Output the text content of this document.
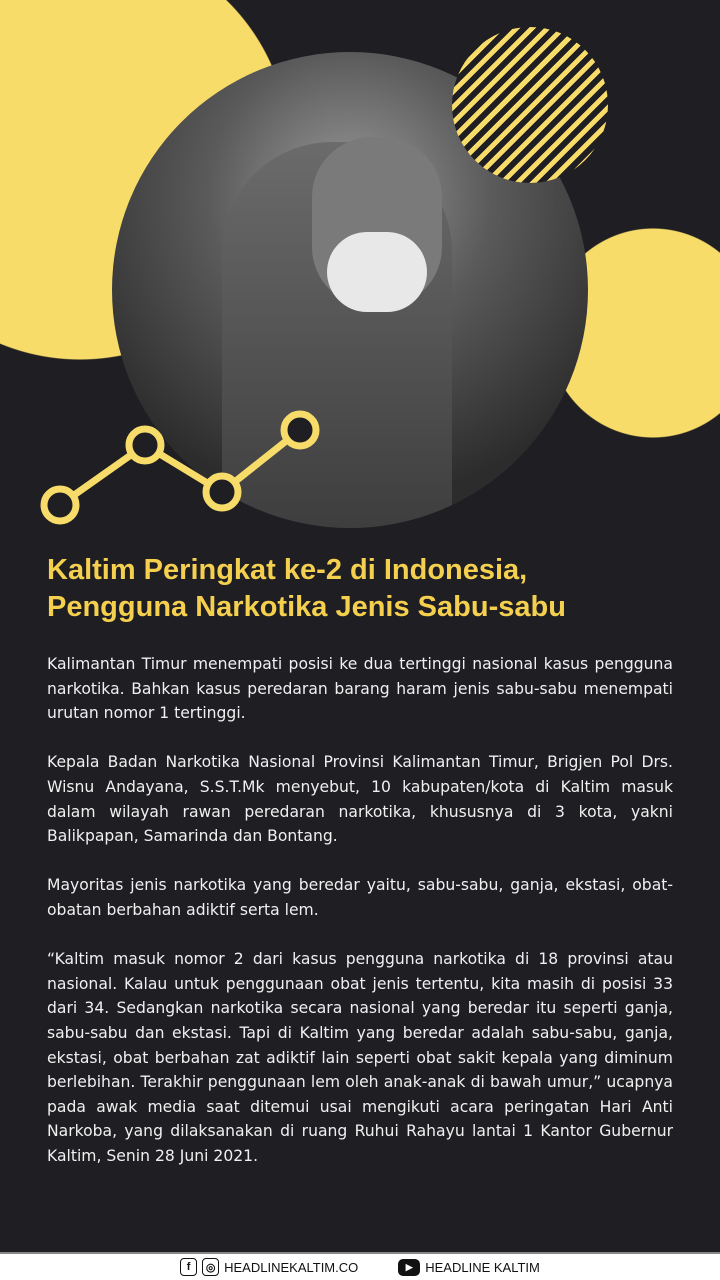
Kaltim Peringkat ke-2 di Indonesia,
Pengguna Narkotika Jenis Sabu-sabu

Kalimantan Timur menempati posisi ke dua tertinggi nasional kasus pengguna narkotika. Bahkan kasus peredaran barang haram jenis sabu-sabu menempati urutan nomor 1 tertinggi.

Kepala Badan Narkotika Nasional Provinsi Kalimantan Timur, Brigjen Pol Drs. Wisnu Andayana, S.S.T.Mk menyebut, 10 kabupaten/kota di Kaltim masuk dalam wilayah rawan peredaran narkotika, khususnya di 3 kota, yakni Balikpapan, Samarinda dan Bontang.

Mayoritas jenis narkotika yang beredar yaitu, sabu-sabu, ganja, ekstasi, obat-obatan berbahan adiktif serta lem.

“Kaltim masuk nomor 2 dari kasus pengguna narkotika di 18 provinsi atau nasional. Kalau untuk penggunaan obat jenis tertentu, kita masih di posisi 33 dari 34. Sedangkan narkotika secara nasional yang beredar itu seperti ganja, sabu-sabu dan ekstasi. Tapi di Kaltim yang beredar adalah sabu-sabu, ganja, ekstasi, obat berbahan zat adiktif lain seperti obat sakit kepala yang diminum berlebihan. Terakhir penggunaan lem oleh anak-anak di bawah umur,” ucapnya pada awak media saat ditemui usai mengikuti acara peringatan Hari Anti Narkoba, yang dilaksanakan di ruang Ruhui Rahayu lantai 1 Kantor Gubernur Kaltim, Senin 28 Juni 2021.

f	◎ HEADLINEKALTIM.CO	▶ HEADLINE KALTIM
